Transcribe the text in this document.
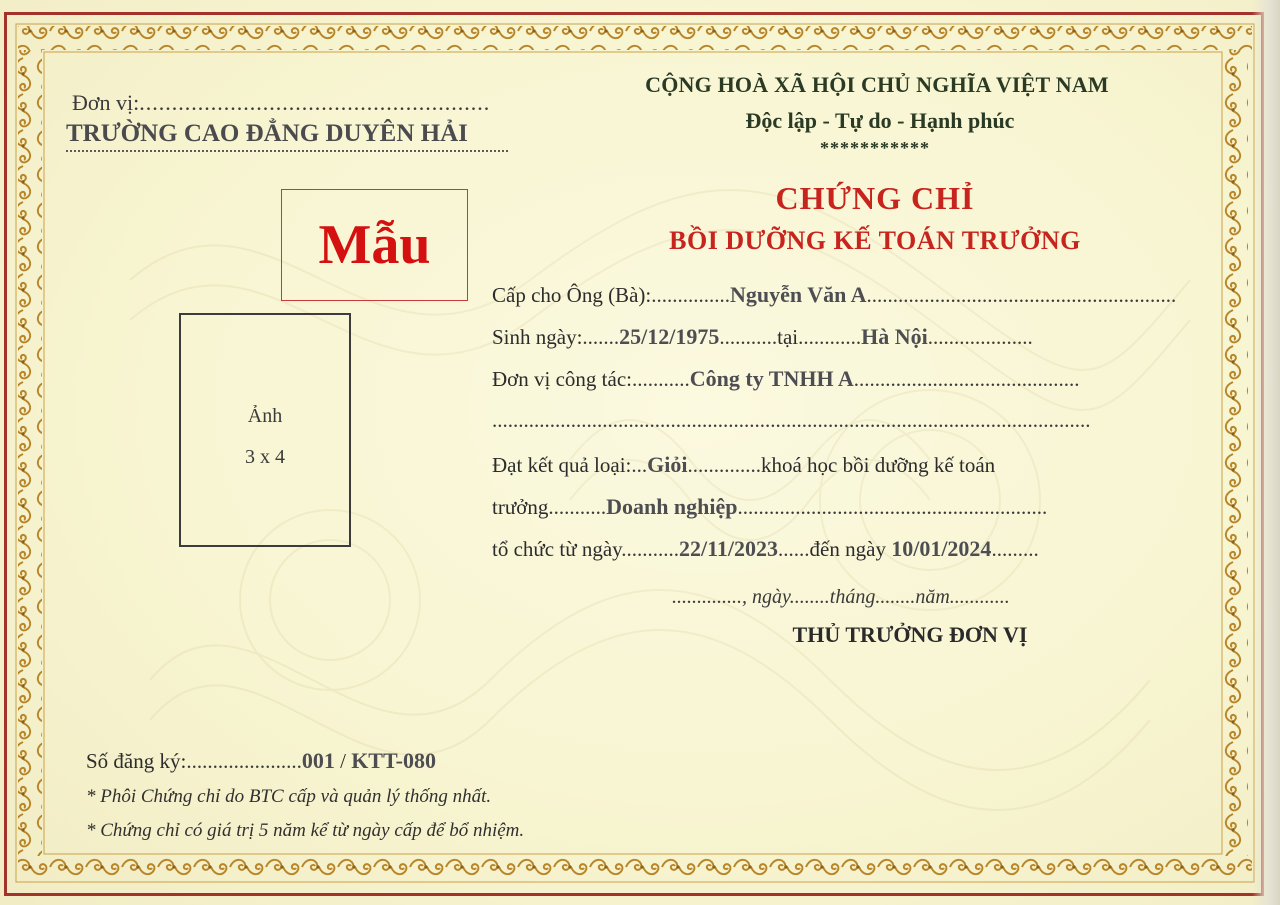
Đơn vị:......................................................
TRƯỜNG CAO ĐẲNG DUYÊN HẢI
CỘNG HOÀ XÃ HỘI CHỦ NGHĨA VIỆT NAM
Độc lập - Tự do - Hạnh phúc
***********
Mẫu
Ảnh
3 x 4
CHỨNG CHỈ
BỒI DƯỠNG KẾ TOÁN TRƯỞNG
Cấp cho Ông (Bà):...............Nguyễn Văn A...........................................................
Sinh ngày:.......25/12/1975...........tại............Hà Nội....................
Đơn vị công tác:...........Công ty TNHH A...........................................
..................................................................................................................
Đạt kết quả loại:...Giỏi..............khoá học bồi dưỡng kế toán
trưởng...........Doanh nghiệp...........................................................
tổ chức từ ngày...........22/11/2023......đến ngày 10/01/2024.........
.............., ngày........tháng........năm............
THỦ TRƯỞNG ĐƠN VỊ
Số đăng ký:......................001 / KTT-080
* Phôi Chứng chỉ do BTC cấp và quản lý thống nhất.
* Chứng chỉ có giá trị 5 năm kể từ ngày cấp để bổ nhiệm.
